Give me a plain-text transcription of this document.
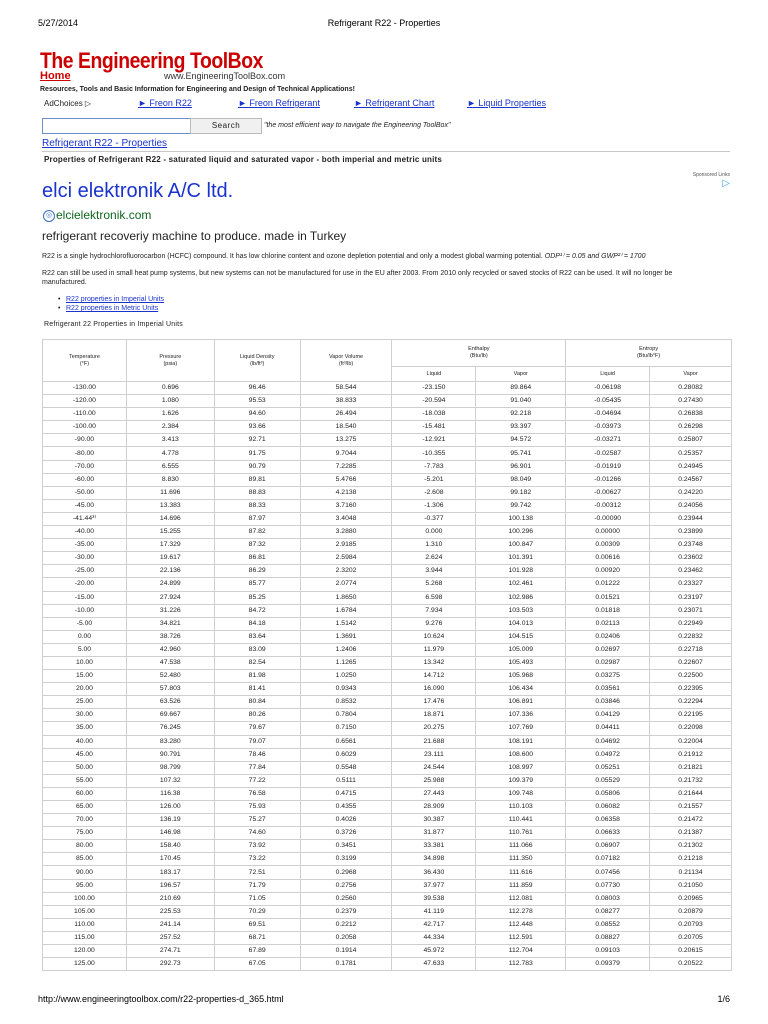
5/27/2014	Refrigerant R22 - Properties
The Engineering ToolBox
Home	www.EngineeringToolBox.com
Resources, Tools and Basic Information for Engineering and Design of Technical Applications!
AdChoices ▷	► Freon R22	► Freon Refrigerant	► Refrigerant Chart	► Liquid Properties
Search	"the most efficient way to navigate the Engineering ToolBox"
Refrigerant R22 - Properties
Properties of Refrigerant R22 - saturated liquid and saturated vapor - both imperial and metric units
Sponsored Links
▷
elci elektronik A/C ltd.
◎ elcielektronik.com
refrigerant recoveriy machine to produce. made in Turkey
R22 is a single hydrochlorofluorocarbon (HCFC) compound. It has low chlorine content and ozone depletion potential and only a modest global warming potential. ODP¹⁾ = 0.05 and GWP²⁾ = 1700
R22 can still be used in small heat pump systems, but new systems can not be manufactured for use in the EU after 2003. From 2010 only recycled or saved stocks of R22 can be used. It will no longer be manufactured.
• R22 properties in Imperial Units
• R22 properties in Metric Units
Refrigerant 22 Properties in Imperial Units
Temperature
(°F)	Pressure
(psia)	Liquid Density
(lb/ft³)	Vapor Volume
(ft³/lb)	Enthalpy
(Btu/lb)		Entropy
(Btu/lb°F)	
				Liquid	Vapor	Liquid	Vapor
-130.00	0.696	96.46	58.544	-23.150	89.864	-0.06198	0.28082
-120.00	1.080	95.53	38.833	-20.594	91.040	-0.05435	0.27430
-110.00	1.626	94.60	26.494	-18.038	92.218	-0.04694	0.26838
-100.00	2.384	93.66	18.540	-15.481	93.397	-0.03973	0.26298
-90.00	3.413	92.71	13.275	-12.921	94.572	-0.03271	0.25807
-80.00	4.778	91.75	9.7044	-10.355	95.741	-0.02587	0.25357
-70.00	6.555	90.79	7.2285	-7.783	96.901	-0.01919	0.24945
-60.00	8.830	89.81	5.4766	-5.201	98.049	-0.01266	0.24567
-50.00	11.696	88.83	4.2138	-2.608	99.182	-0.00627	0.24220
-45.00	13.383	88.33	3.7160	-1.306	99.742	-0.00312	0.24056
-41.44³⁾	14.696	87.97	3.4048	-0.377	100.138	-0.00090	0.23944
-40.00	15.255	87.82	3.2880	0.000	100.296	0.00000	0.23899
-35.00	17.329	87.32	2.9185	1.310	100.847	0.00309	0.23748
-30.00	19.617	86.81	2.5984	2.624	101.391	0.00616	0.23602
-25.00	22.136	86.29	2.3202	3.944	101.928	0.00920	0.23462
-20.00	24.899	85.77	2.0774	5.268	102.461	0.01222	0.23327
-15.00	27.924	85.25	1.8650	6.598	102.986	0.01521	0.23197
-10.00	31.226	84.72	1.6784	7.934	103.503	0.01818	0.23071
-5.00	34.821	84.18	1.5142	9.276	104.013	0.02113	0.22949
0.00	38.726	83.64	1.3691	10.624	104.515	0.02406	0.22832
5.00	42.960	83.09	1.2406	11.979	105.009	0.02697	0.22718
10.00	47.538	82.54	1.1265	13.342	105.493	0.02987	0.22607
15.00	52.480	81.98	1.0250	14.712	105.968	0.03275	0.22500
20.00	57.803	81.41	0.9343	16.090	106.434	0.03561	0.22395
25.00	63.526	80.84	0.8532	17.476	106.891	0.03846	0.22294
30.00	69.667	80.26	0.7804	18.871	107.336	0.04129	0.22195
35.00	76.245	79.67	0.7150	20.275	107.769	0.04411	0.22098
40.00	83.280	79.07	0.6561	21.688	108.191	0.04692	0.22004
45.00	90.791	78.46	0.6029	23.111	108.600	0.04972	0.21912
50.00	98.799	77.84	0.5548	24.544	108.997	0.05251	0.21821
55.00	107.32	77.22	0.5111	25.988	109.379	0.05529	0.21732
60.00	116.38	76.58	0.4715	27.443	109.748	0.05806	0.21644
65.00	126.00	75.93	0.4355	28.909	110.103	0.06082	0.21557
70.00	136.19	75.27	0.4026	30.387	110.441	0.06358	0.21472
75.00	146.98	74.60	0.3726	31.877	110.761	0.06633	0.21387
80.00	158.40	73.92	0.3451	33.381	111.066	0.06907	0.21302
85.00	170.45	73.22	0.3199	34.898	111.350	0.07182	0.21218
90.00	183.17	72.51	0.2968	36.430	111.616	0.07456	0.21134
95.00	196.57	71.79	0.2756	37.977	111.859	0.07730	0.21050
100.00	210.69	71.05	0.2560	39.538	112.081	0.08003	0.20965
105.00	225.53	70.29	0.2379	41.119	112.278	0.08277	0.20879
110.00	241.14	69.51	0.2212	42.717	112.448	0.08552	0.20793
115.00	257.52	68.71	0.2058	44.334	112.591	0.08827	0.20705
120.00	274.71	67.89	0.1914	45.972	112.704	0.09103	0.20615
125.00	292.73	67.05	0.1781	47.633	112.783	0.09379	0.20522
http://www.engineeringtoolbox.com/r22-properties-d_365.html	1/6
